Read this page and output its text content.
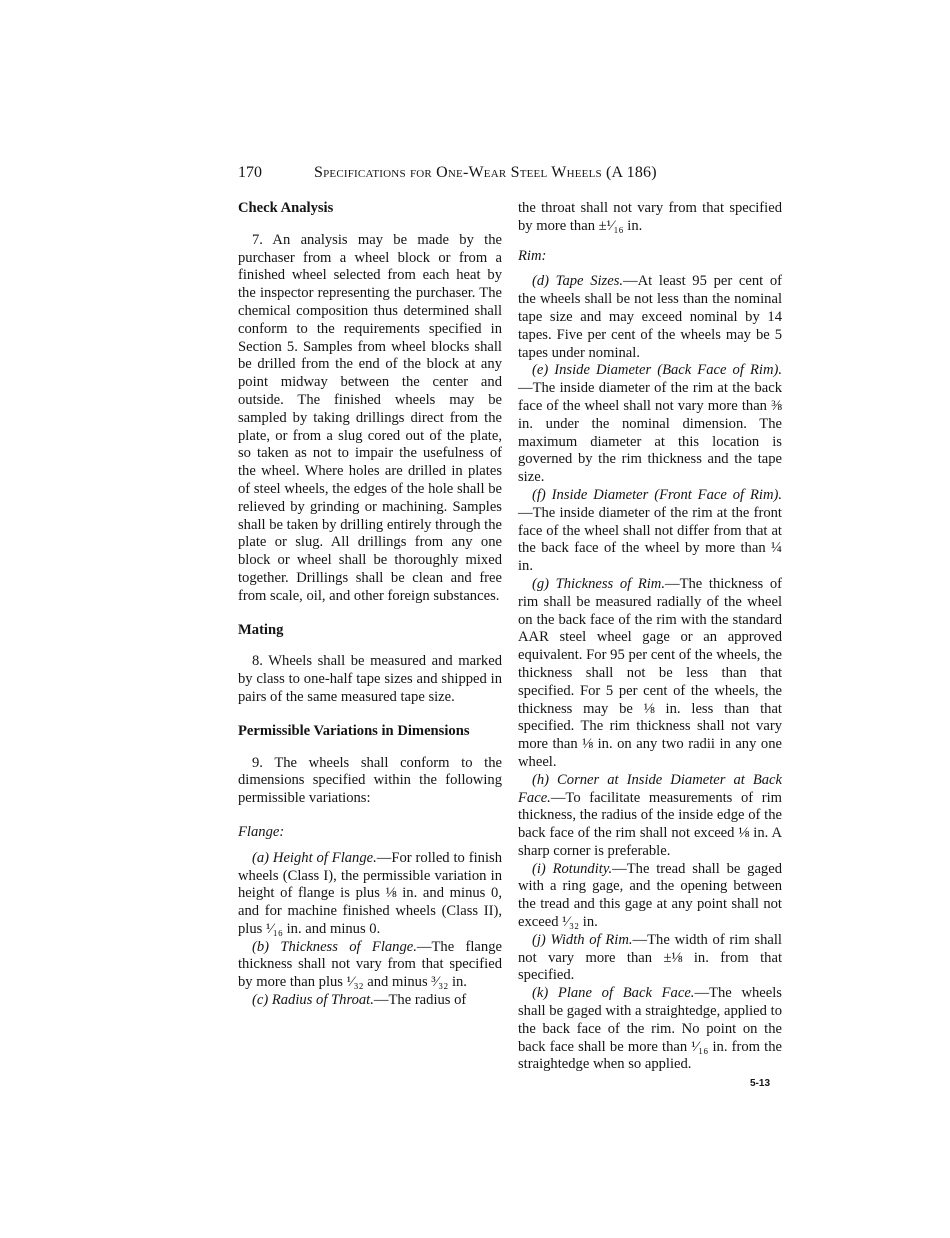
170	Specifications for One-Wear Steel Wheels (A 186)
Check Analysis

7. An analysis may be made by the purchaser from a wheel block or from a finished wheel selected from each heat by the inspector representing the purchaser. The chemical composition thus determined shall conform to the requirements specified in Section 5. Samples from wheel blocks shall be drilled from the end of the block at any point midway between the center and outside. The finished wheels may be sampled by taking drillings direct from the plate, or from a slug cored out of the plate, so taken as not to impair the usefulness of the wheel. Where holes are drilled in plates of steel wheels, the edges of the hole shall be relieved by grinding or machining. Samples shall be taken by drilling entirely through the plate or slug. All drillings from any one block or wheel shall be thoroughly mixed together. Drillings shall be clean and free from scale, oil, and other foreign substances.

Mating

8. Wheels shall be measured and marked by class to one-half tape sizes and shipped in pairs of the same measured tape size.

Permissible Variations in Dimensions

9. The wheels shall conform to the dimensions specified within the following permissible variations:

Flange:

(a) Height of Flange.—For rolled to finish wheels (Class I), the permissible variation in height of flange is plus ⅛ in. and minus 0, and for machine finished wheels (Class II), plus ¹⁄₁₆ in. and minus 0.

(b) Thickness of Flange.—The flange thickness shall not vary from that specified by more than plus ¹⁄₃₂ and minus ³⁄₃₂ in.

(c) Radius of Throat.—The radius of

the throat shall not vary from that specified by more than ±¹⁄₁₆ in.

Rim:

(d) Tape Sizes.—At least 95 per cent of the wheels shall be not less than the nominal tape size and may exceed nominal by 14 tapes. Five per cent of the wheels may be 5 tapes under nominal.

(e) Inside Diameter (Back Face of Rim).—The inside diameter of the rim at the back face of the wheel shall not vary more than ⅜ in. under the nominal dimension. The maximum diameter at this location is governed by the rim thickness and the tape size.

(f) Inside Diameter (Front Face of Rim).—The inside diameter of the rim at the front face of the wheel shall not differ from that at the back face of the wheel by more than ¼ in.

(g) Thickness of Rim.—The thickness of rim shall be measured radially of the wheel on the back face of the rim with the standard AAR steel wheel gage or an approved equivalent. For 95 per cent of the wheels, the thickness shall not be less than that specified. For 5 per cent of the wheels, the thickness may be ⅛ in. less than that specified. The rim thickness shall not vary more than ⅛ in. on any two radii in any one wheel.

(h) Corner at Inside Diameter at Back Face.—To facilitate measurements of rim thickness, the radius of the inside edge of the back face of the rim shall not exceed ⅛ in. A sharp corner is preferable.

(i) Rotundity.—The tread shall be gaged with a ring gage, and the opening between the tread and this gage at any point shall not exceed ¹⁄₃₂ in.

(j) Width of Rim.—The width of rim shall not vary more than ±⅛ in. from that specified.

(k) Plane of Back Face.—The wheels shall be gaged with a straightedge, applied to the back face of the rim. No point on the back face shall be more than ¹⁄₁₆ in. from the straightedge when so applied.

5-13
